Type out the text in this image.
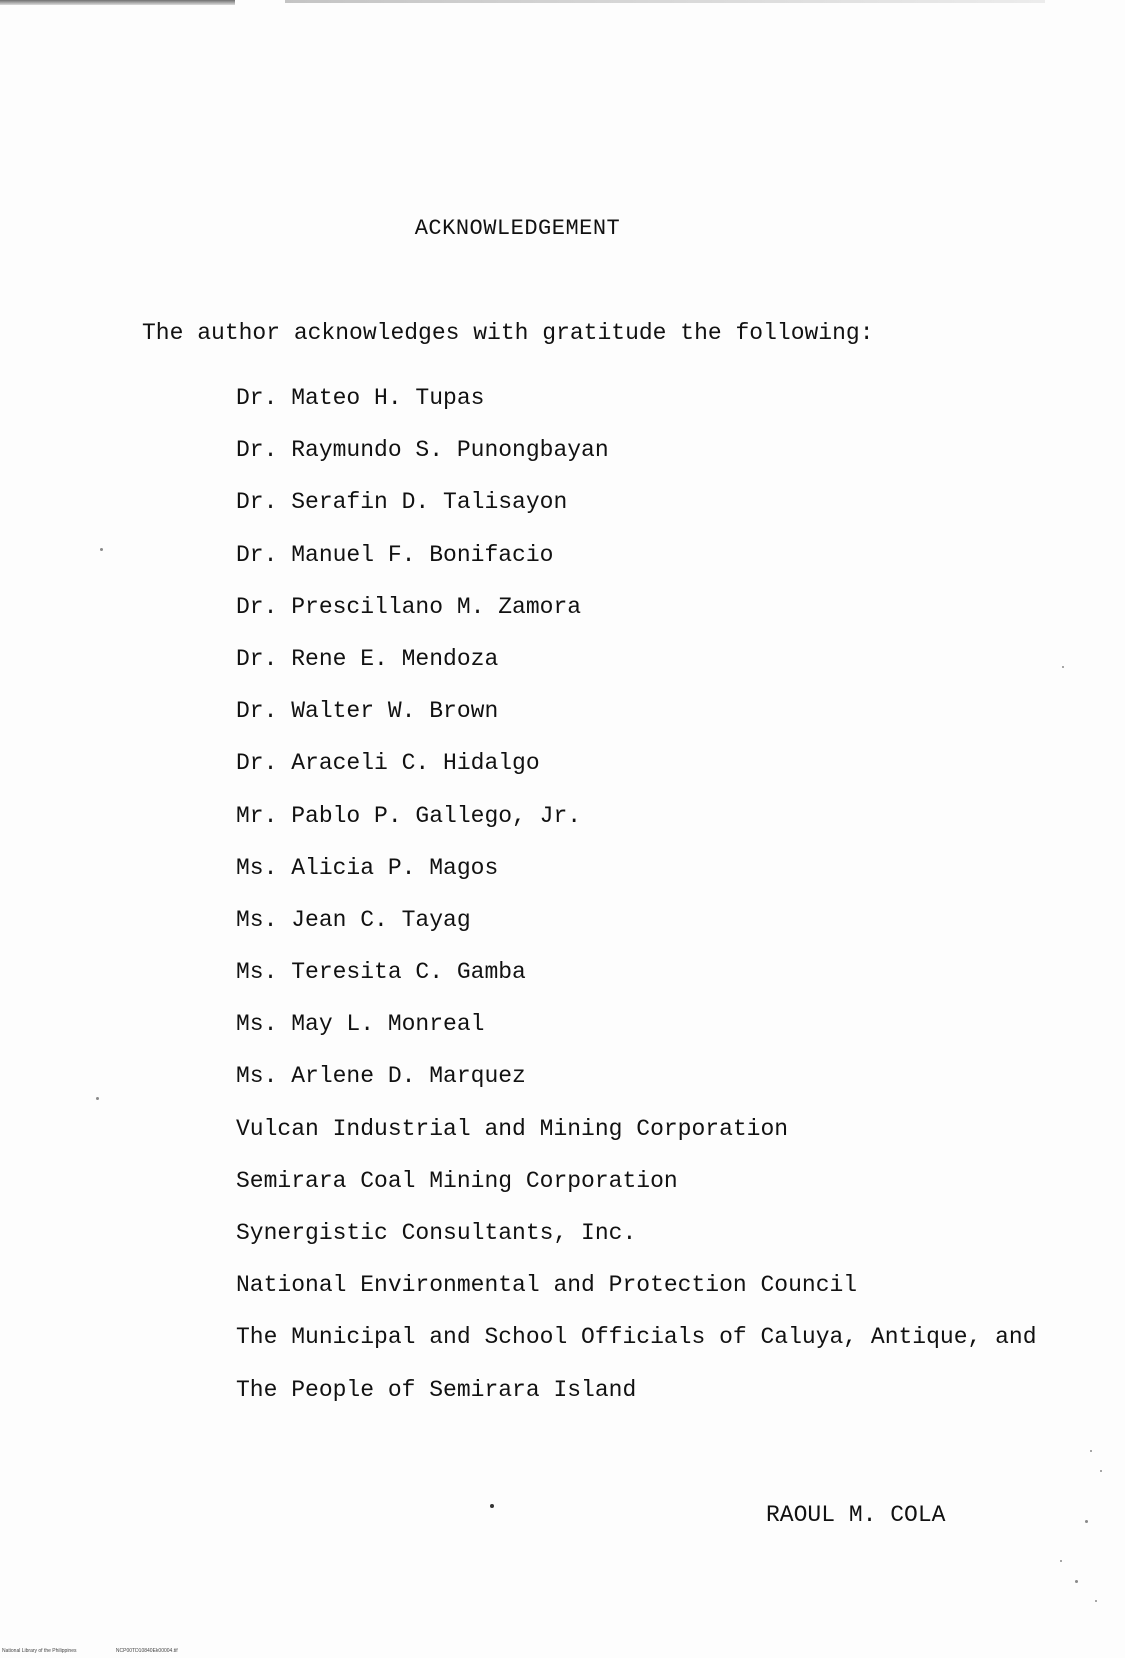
ACKNOWLEDGEMENT
The author acknowledges with gratitude the following:
Dr. Mateo H. Tupas
Dr. Raymundo S. Punongbayan
Dr. Serafin D. Talisayon
Dr. Manuel F. Bonifacio
Dr. Prescillano M. Zamora
Dr. Rene E. Mendoza
Dr. Walter W. Brown
Dr. Araceli C. Hidalgo
Mr. Pablo P. Gallego, Jr.
Ms. Alicia P. Magos
Ms. Jean C. Tayag
Ms. Teresita C. Gamba
Ms. May L. Monreal
Ms. Arlene D. Marquez
Vulcan Industrial and Mining Corporation
Semirara Coal Mining Corporation
Synergistic Consultants, Inc.
National Environmental and Protection Council
The Municipal and School Officials of Caluya, Antique, and
The People of Semirara Island
RAOUL M. COLA
National Library of the Philippines	NCP00TD10840Ek00004.tif
